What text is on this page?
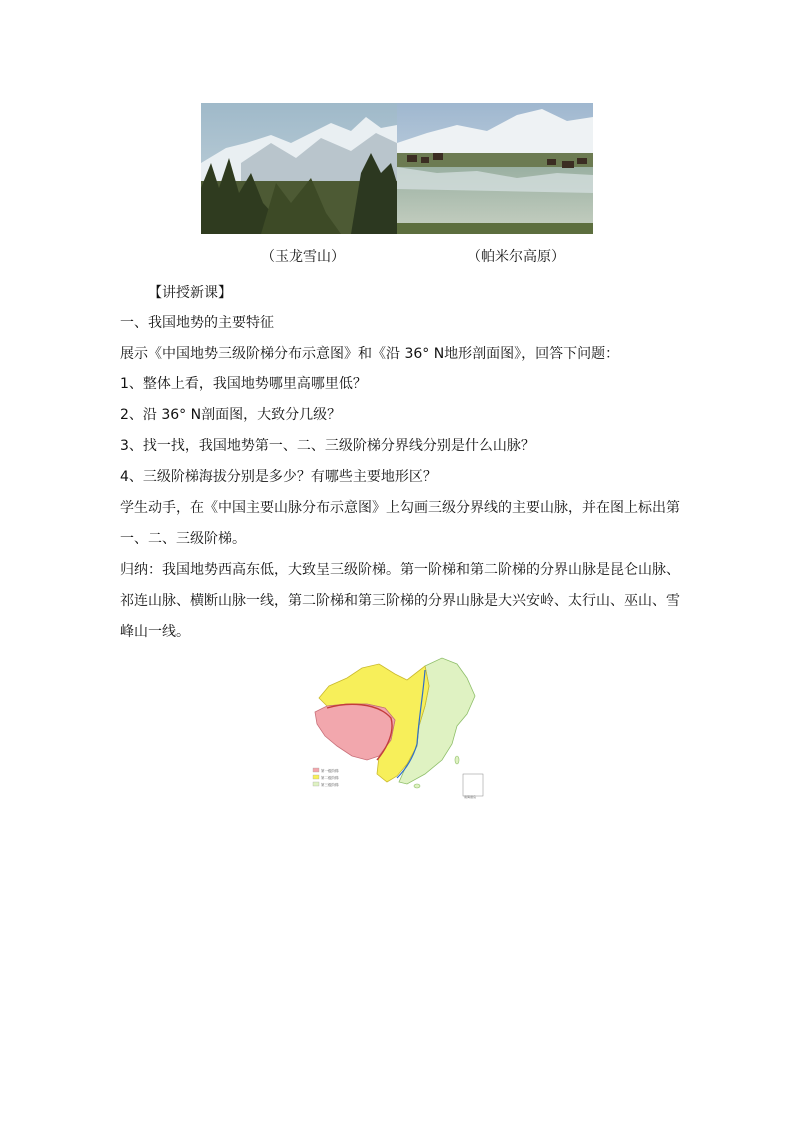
（玉龙雪山）	（帕米尔高原）
【讲授新课】
一、我国地势的主要特征
展示《中国地势三级阶梯分布示意图》和《沿 36° N地形剖面图》，回答下问题：
1、整体上看，我国地势哪里高哪里低？
2、沿 36° N剖面图，大致分几级？
3、找一找，我国地势第一、二、三级阶梯分界线分别是什么山脉？
4、三级阶梯海拔分别是多少？有哪些主要地形区？
学生动手，在《中国主要山脉分布示意图》上勾画三级分界线的主要山脉，并在图上标出第
一、二、三级阶梯。
归纳：我国地势西高东低，大致呈三级阶梯。第一阶梯和第二阶梯的分界山脉是昆仑山脉、
祁连山脉、横断山脉一线，第二阶梯和第三阶梯的分界山脉是大兴安岭、太行山、巫山、雪
峰山一线。
第一级阶梯
第二级阶梯
第三级阶梯
南海诸岛
